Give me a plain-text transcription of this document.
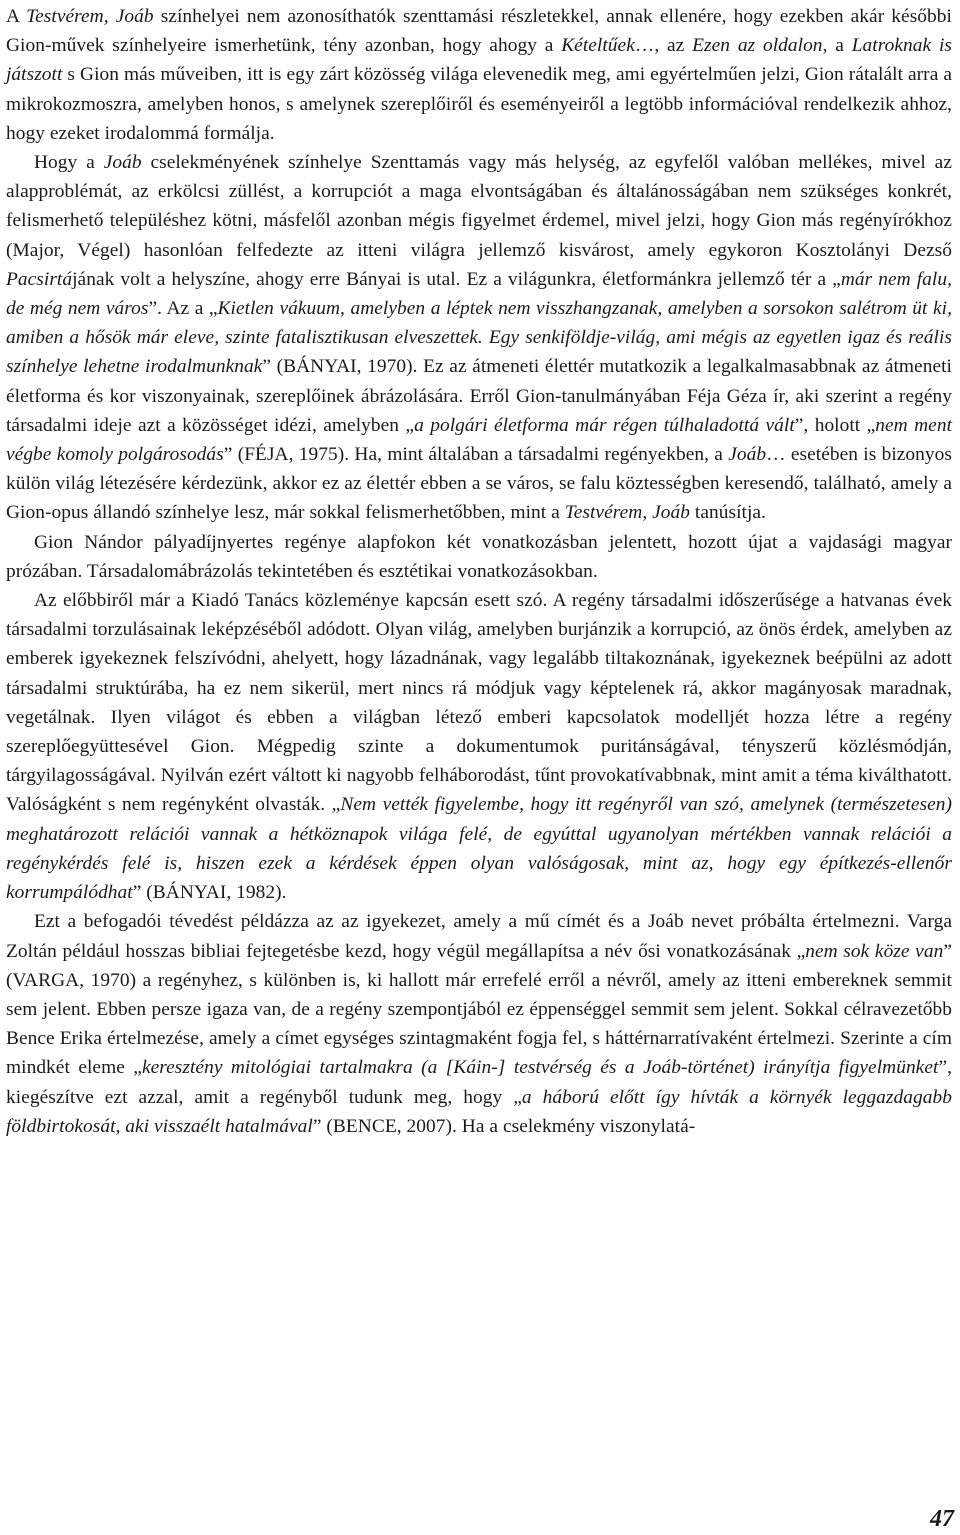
A Testvérem, Joáb színhelyei nem azonosíthatók szenttamási részletekkel, annak ellenére, hogy ezekben akár későbbi Gion-művek színhelyeire ismerhetünk, tény azonban, hogy ahogy a Kételtűek…, az Ezen az oldalon, a Latroknak is játszott s Gion más műveiben, itt is egy zárt közösség világa elevenedik meg, ami egyértelműen jelzi, Gion rátalált arra a mikrokozmoszra, amelyben honos, s amelynek szereplőiről és eseményeiről a legtöbb információval rendelkezik ahhoz, hogy ezeket irodalommá formálja.

Hogy a Joáb cselekményének színhelye Szenttamás vagy más helység, az egyfelől valóban mellékes, mivel az alapproblémát, az erkölcsi züllést, a korrupciót a maga elvontságában és általánosságában nem szükséges konkrét, felismerhető településhez kötni, másfelől azonban mégis figyelmet érdemel, mivel jelzi, hogy Gion más regényírókhoz (Major, Végel) hasonlóan felfedezte az itteni világra jellemző kisvárost, amely egykoron Kosztolányi Dezső Pacsirtájának volt a helyszíne, ahogy erre Bányai is utal. Ez a világunkra, életformánkra jellemző tér a „már nem falu, de még nem város”. Az a „Kietlen vákuum, amelyben a léptek nem visszhangzanak, amelyben a sorsokon salétrom üt ki, amiben a hősök már eleve, szinte fatalisztikusan elveszettek. Egy senkiföldje-világ, ami mégis az egyetlen igaz és reális színhelye lehetne irodalmunknak” (BÁNYAI, 1970). Ez az átmeneti élettér mutatkozik a legalkalmasabbnak az átmeneti életforma és kor viszonyainak, szereplőinek ábrázolására. Erről Gion-tanulmányában Féja Géza ír, aki szerint a regény társadalmi ideje azt a közösséget idézi, amelyben „a polgári életforma már régen túlhaladottá vált”, holott „nem ment végbe komoly polgárosodás” (FÉJA, 1975). Ha, mint általában a társadalmi regényekben, a Joáb… esetében is bizonyos külön világ létezésére kérdezünk, akkor ez az élettér ebben a se város, se falu köztességben keresendő, található, amely a Gion-opus állandó színhelye lesz, már sokkal felismerhetőbben, mint a Testvérem, Joáb tanúsítja.

Gion Nándor pályadíjnyertes regénye alapfokon két vonatkozásban jelentett, hozott újat a vajdasági magyar prózában. Társadalomábrázolás tekintetében és esztétikai vonatkozásokban.

Az előbbiről már a Kiadó Tanács közleménye kapcsán esett szó. A regény társadalmi időszerűsége a hatvanas évek társadalmi torzulásainak leképzéséből adódott. Olyan világ, amelyben burjánzik a korrupció, az önös érdek, amelyben az emberek igyekeznek felszívódni, ahelyett, hogy lázadnának, vagy legalább tiltakoznának, igyekeznek beépülni az adott társadalmi struktúrába, ha ez nem sikerül, mert nincs rá módjuk vagy képtelenek rá, akkor magányosak maradnak, vegetálnak. Ilyen világot és ebben a világban létező emberi kapcsolatok modelljét hozza létre a regény szereplőegyüttesével Gion. Mégpedig szinte a dokumentumok puritánságával, tényszerű közlésmódján, tárgyilagosságával. Nyilván ezért váltott ki nagyobb felháborodást, tűnt provokatívabbnak, mint amit a téma kiválthatott. Valóságként s nem regényként olvasták. „Nem vették figyelembe, hogy itt regényről van szó, amelynek (természetesen) meghatározott relációi vannak a hétköznapok világa felé, de egyúttal ugyanolyan mértékben vannak relációi a regénykérdés felé is, hiszen ezek a kérdések éppen olyan valóságosak, mint az, hogy egy építkezés-ellenőr korrumpálódhat” (BÁNYAI, 1982).

Ezt a befogadói tévedést példázza az az igyekezet, amely a mű címét és a Joáb nevet próbálta értelmezni. Varga Zoltán például hosszas bibliai fejtegetésbe kezd, hogy végül megállapítsa a név ősi vonatkozásának „nem sok köze van” (VARGA, 1970) a regényhez, s különben is, ki hallott már errefelé erről a névről, amely az itteni embereknek semmit sem jelent. Ebben persze igaza van, de a regény szempontjából ez éppenséggel semmit sem jelent. Sokkal célravezetőbb Bence Erika értelmezése, amely a címet egységes szintagmaként fogja fel, s háttérnarratívaként értelmezi. Szerinte a cím mindkét eleme „keresztény mitológiai tartalmakra (a [Káin-] testvérség és a Joáb-történet) irányítja figyelmünket”, kiegészítve ezt azzal, amit a regényből tudunk meg, hogy „a háború előtt így hívták a környék leggazdagabb földbirtokosát, aki visszaélt hatalmával” (BENCE, 2007). Ha a cselekmény viszonylatá-

47
